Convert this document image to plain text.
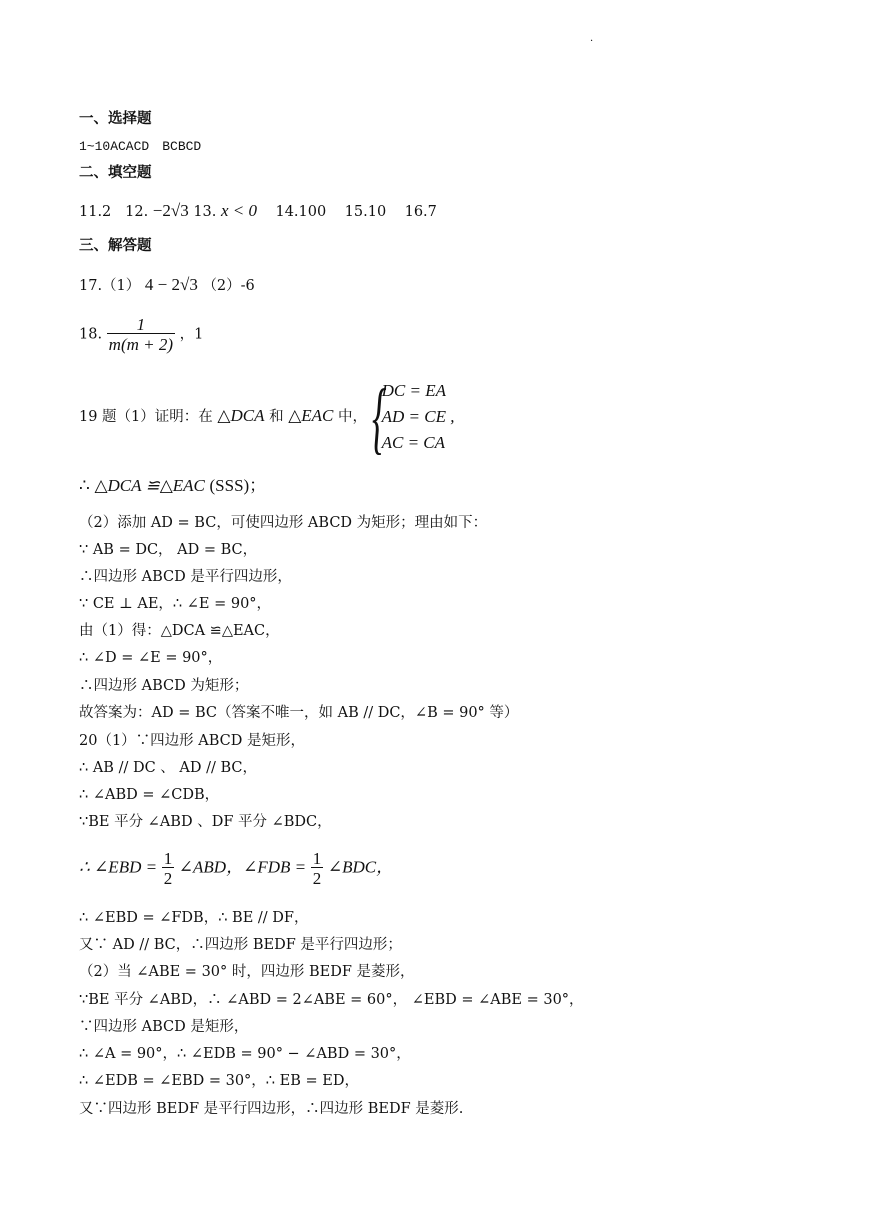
·
一、选择题
1~10ACACD　BCBCD
二、填空题
11.2 12. −2√3 13. x < 0 14.100 15.10 16.7
三、解答题
17.（1） 4 − 2√3 （2）-6
18. $\frac{1}{m(m + 2)}$ ，1
19 题（1）证明：在 △DCA 和 △EAC 中， {
DC = EA
AD = CE ,
AC = CA
∴ △DCA ≌△EAC (SSS)；
（2）添加 AD = BC，可使四边形 ABCD 为矩形；理由如下：
∵ AB = DC， AD = BC，
∴四边形 ABCD 是平行四边形，
∵ CE ⊥ AE，∴ ∠E = 90°，
由（1）得：△DCA ≌△EAC，
∴ ∠D = ∠E = 90°，
∴四边形 ABCD 为矩形；
故答案为：AD = BC（答案不唯一，如 AB // DC，∠B = 90° 等）
20（1）∵四边形 ABCD 是矩形，
∴ AB // DC 、 AD // BC，
∴ ∠ABD = ∠CDB，
∵BE 平分 ∠ABD 、DF 平分 ∠BDC，
∴ ∠EBD = $\frac{1}{2}$ ∠ABD，∠FDB = $\frac{1}{2}$ ∠BDC，
∴ ∠EBD = ∠FDB，∴ BE // DF，
又∵ AD // BC，∴四边形 BEDF 是平行四边形；
（2）当 ∠ABE = 30° 时，四边形 BEDF 是菱形，
∵BE 平分 ∠ABD，∴ ∠ABD = 2∠ABE = 60°， ∠EBD = ∠ABE = 30°，
∵四边形 ABCD 是矩形，
∴ ∠A = 90°，∴ ∠EDB = 90° − ∠ABD = 30°，
∴ ∠EDB = ∠EBD = 30°，∴ EB = ED，
又∵四边形 BEDF 是平行四边形，∴四边形 BEDF 是菱形.
